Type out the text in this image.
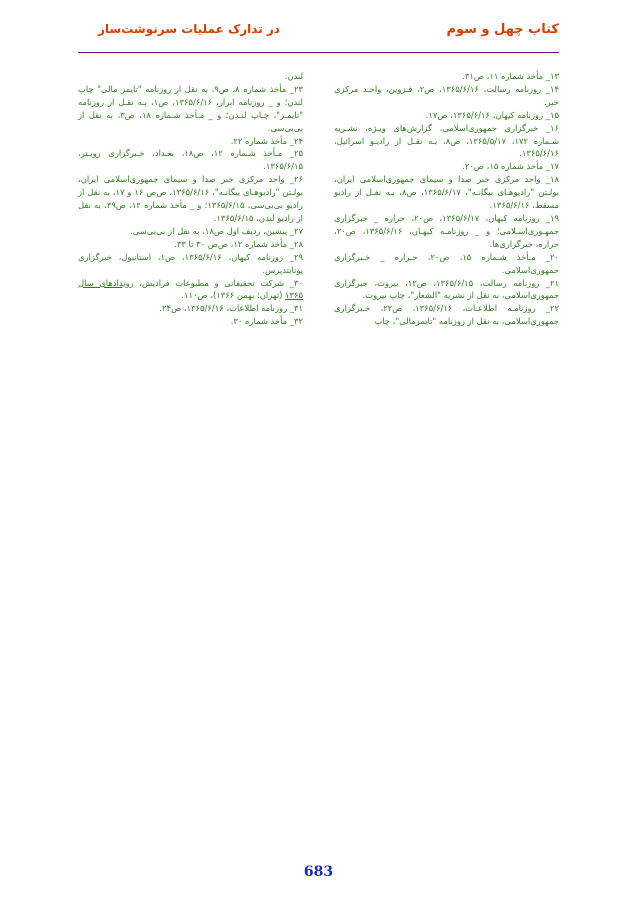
کتاب چهل و سوم
در تدارک عملیات سرنوشت‌ساز

۱۳_ مأخذ شماره ۱۱، ص۳۱.

۱۴_ روزنامه رسالت، ۱۳۶۵/۶/۱۶، ص۲، قـزوین، واحـد مرکزی خبر.

۱۵_ روزنامه کیهان، ۱۳۶۵/۶/۱۶، ص۱۷.

۱۶_ خبرگزاری جمهوری‌اسلامی، گزارش‌های ویـژه، نشـریه شـماره ۱۷۲، ۱۳۶۵/۵/۱۷، ص۸، بـه نقـل از رادیـو اسرائیل، ۱۳۶۵/۶/۱۶.

۱۷_ مأخذ شماره ۱۵، ص۲۰.

۱۸_ واحد مرکزی خبر صدا و سیمای جمهوری‌اسلامی ایران، بولـتن "رادیوهـای بیگانـه"، ۱۳۶۵/۶/۱۷، ص۸، بـه نقـل از رادیو مسقط، ۱۳۶۵/۶/۱۶.

۱۹_ روزنامه کیهان، ۱۳۶۵/۶/۱۷، ص۲۰، حراره _ خبرگزاری جمهـوری‌اسـلامی؛ و _ روزنامـه کیهـان، ۱۳۶۵/۶/۱۶، ص۲۰، حراره، خبرگزاری‌ها.

۲۰_ مـأخذ شـماره ۱۵، ص۲۰، حـراره _ خـبرگزاری جمهوری‌اسلامی.

۲۱_ روزنامه رسالت، ۱۳۶۵/۶/۱۵، ص۱۲، بیروت، خبرگزاری جمهوری‌اسلامی، به نقل از نشریه "الشعار"، چاپ بیروت.

۲۲_ روزنامـه اطلاعـات، ۱۳۶۵/۶/۱۶، ص۲۲، خـبرگزاری جمهوری‌اسلامی، به نقل از روزنامه "تایمزمالی"، چاپ

لندن.

۲۳_ مأخذ شماره ۸، ص۹، به نقل از روزنامه "تایمز مالی" چاپ لندن؛ و _ روزنامه ابرار، ۱۳۶۵/۶/۱۶، ص۱، بـه نقـل از روزنامه "تایمـز"، چـاپ لنـدن؛ و _ مـأخذ شـماره ۱۸، ص۳، به نقل از بی‌بی‌سی.

۲۴_ مأخذ شماره ۲۲.

۲۵_ مـأخذ شـماره ۱۲، ص۱۸، بغـداد، خـبرگزاری رویـتر، ۱۳۶۵/۶/۱۵.

۲۶_ واحد مرکزی خبر صدا و سیمای جمهوری‌اسلامی ایران، بولـتن "رادیوهـای بیگانـه"، ۱۳۶۵/۶/۱۶، ص‌ص ۱۶ و ۱۷، به نقل از رادیو بی‌بی‌سی، ۱۳۶۵/۶/۱۵؛ و _ مأخذ شماره ۱۲، ص۳۹، به نقل از رادیو لندن، ۱۳۶۵/۶/۱۵.

۲۷_ پیشین، ردیف اول ص۱۸، به نقل از بی‌بی‌سی.

۲۸_ مأخذ شماره ۱۲، ص‌ص ۳۰ تا ۳۳.

۲۹_ روزنامه کیهان، ۱۳۶۵/۶/۱۶، ص۱، استانبول، خبرگزاری یونایتدپرس.

۳۰_ شرکت تحقیقاتی و مطبوعات فرادیش، رویدادهای سال ۱۳۶۵ (تهران: بهمن ۱۳۶۶)، ص۱۱۰.

۳۱_ روزنامه اطلاعات، ۱۳۶۵/۶/۱۶، ص۲۴.

۳۲_ مأخذ شماره ۳۰.

683
